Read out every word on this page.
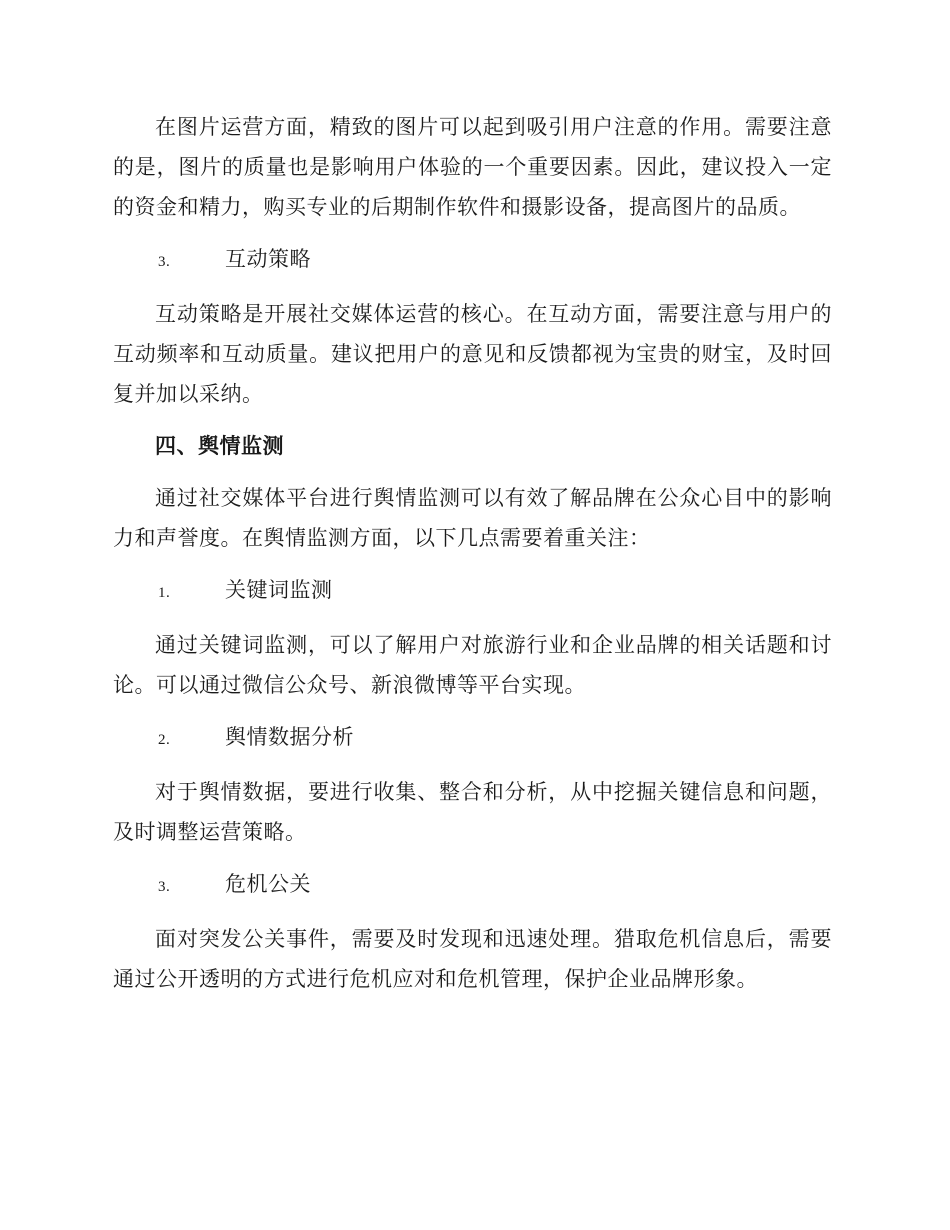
在图片运营方面，精致的图片可以起到吸引用户注意的作用。需要注意的是，图片的质量也是影响用户体验的一个重要因素。因此，建议投入一定的资金和精力，购买专业的后期制作软件和摄影设备，提高图片的品质。

3.	互动策略

互动策略是开展社交媒体运营的核心。在互动方面，需要注意与用户的互动频率和互动质量。建议把用户的意见和反馈都视为宝贵的财宝，及时回复并加以采纳。

四、舆情监测

通过社交媒体平台进行舆情监测可以有效了解品牌在公众心目中的影响力和声誉度。在舆情监测方面，以下几点需要着重关注：

1.	关键词监测

通过关键词监测，可以了解用户对旅游行业和企业品牌的相关话题和讨论。可以通过微信公众号、新浪微博等平台实现。

2.	舆情数据分析

对于舆情数据，要进行收集、整合和分析，从中挖掘关键信息和问题，及时调整运营策略。

3.	危机公关

面对突发公关事件，需要及时发现和迅速处理。猎取危机信息后，需要通过公开透明的方式进行危机应对和危机管理，保护企业品牌形象。
